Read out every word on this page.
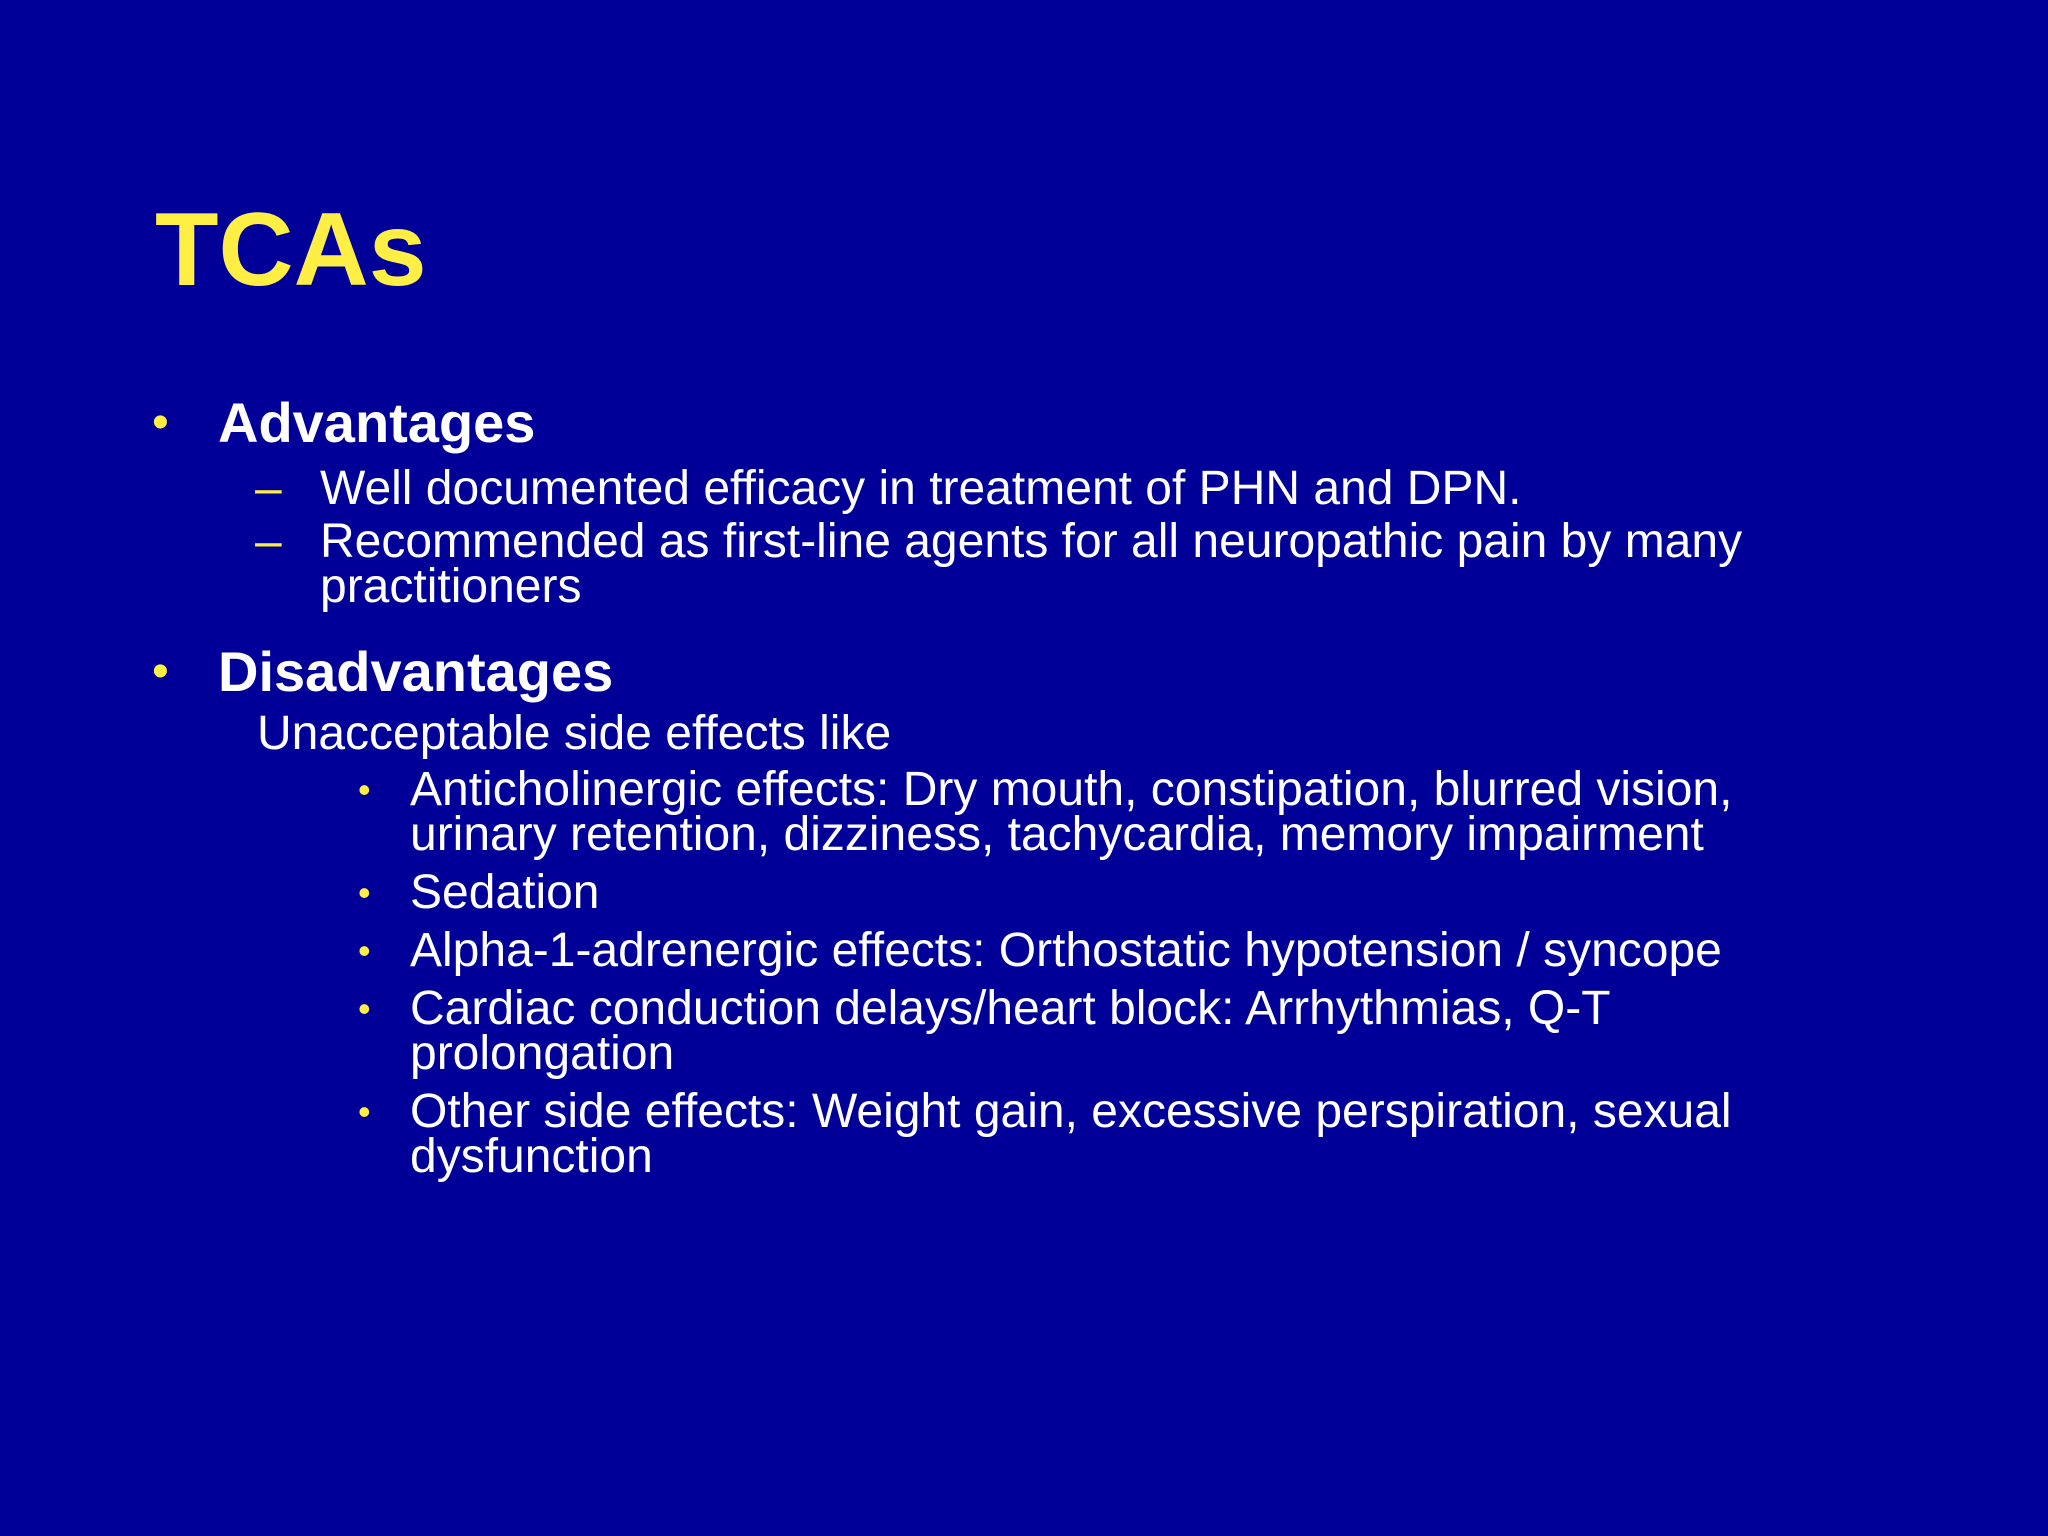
TCAs
• Advantages
– Well documented efficacy in treatment of PHN and DPN.
– Recommended as first-line agents for all neuropathic pain by many practitioners
• Disadvantages
Unacceptable side effects like
• Anticholinergic effects: Dry mouth, constipation, blurred vision, urinary retention, dizziness, tachycardia, memory impairment
• Sedation
• Alpha-1-adrenergic effects: Orthostatic hypotension / syncope
• Cardiac conduction delays/heart block: Arrhythmias, Q-T prolongation
• Other side effects: Weight gain, excessive perspiration, sexual dysfunction
